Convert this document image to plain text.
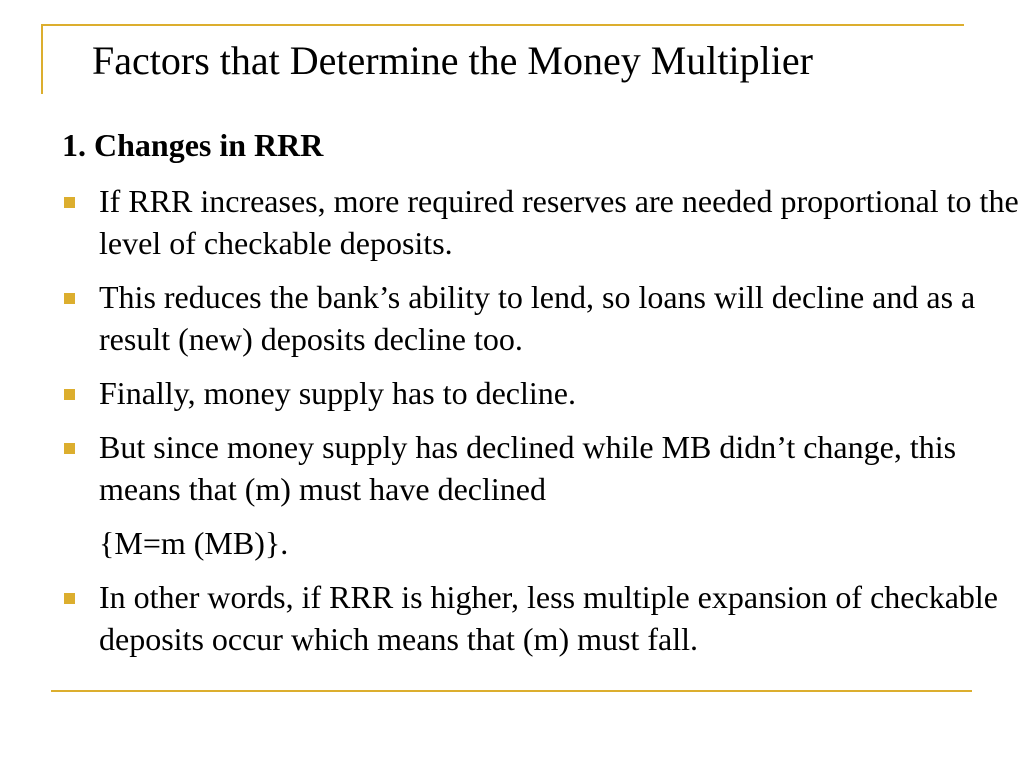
Factors that Determine the Money Multiplier
1. Changes in RRR
If RRR increases, more required reserves are needed proportional to the level of checkable deposits.
This reduces the bank’s ability to lend, so loans will decline and as a result (new) deposits decline too.
Finally, money supply has to decline.
But since money supply has declined while MB didn’t change, this means that (m) must have declined
{M=m (MB)}.
In other words, if RRR is higher, less multiple expansion of checkable deposits occur which means that (m) must fall.
